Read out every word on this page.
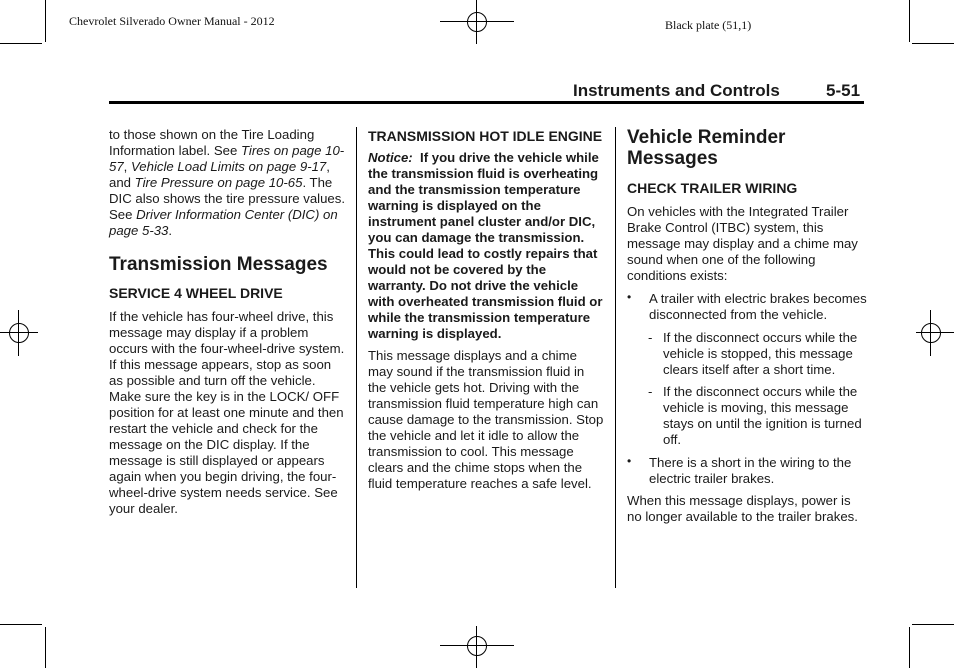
Chevrolet Silverado Owner Manual - 2012	Black plate (51,1)
Instruments and Controls	5-51

to those shown on the Tire Loading Information label. See Tires on page 10-57, Vehicle Load Limits on page 9-17, and Tire Pressure on page 10-65. The DIC also shows the tire pressure values. See Driver Information Center (DIC) on page 5-33.

Transmission Messages
SERVICE 4 WHEEL DRIVE

If the vehicle has four-wheel drive, this message may display if a problem occurs with the four-wheel-drive system. If this message appears, stop as soon as possible and turn off the vehicle. Make sure the key is in the LOCK/ OFF position for at least one minute and then restart the vehicle and check for the message on the DIC display. If the message is still displayed or appears again when you begin driving, the four-wheel-drive system needs service. See your dealer.

TRANSMISSION HOT IDLE ENGINE

Notice: If you drive the vehicle while the transmission fluid is overheating and the transmission temperature warning is displayed on the instrument panel cluster and/or DIC, you can damage the transmission. This could lead to costly repairs that would not be covered by the warranty. Do not drive the vehicle with overheated transmission fluid or while the transmission temperature warning is displayed.

This message displays and a chime may sound if the transmission fluid in the vehicle gets hot. Driving with the transmission fluid temperature high can cause damage to the transmission. Stop the vehicle and let it idle to allow the transmission to cool. This message clears and the chime stops when the fluid temperature reaches a safe level.

Vehicle Reminder Messages
CHECK TRAILER WIRING

On vehicles with the Integrated Trailer Brake Control (ITBC) system, this message may display and a chime may sound when one of the following conditions exists:

• A trailer with electric brakes becomes disconnected from the vehicle.
- If the disconnect occurs while the vehicle is stopped, this message clears itself after a short time.
- If the disconnect occurs while the vehicle is moving, this message stays on until the ignition is turned off.
• There is a short in the wiring to the electric trailer brakes.

When this message displays, power is no longer available to the trailer brakes.
